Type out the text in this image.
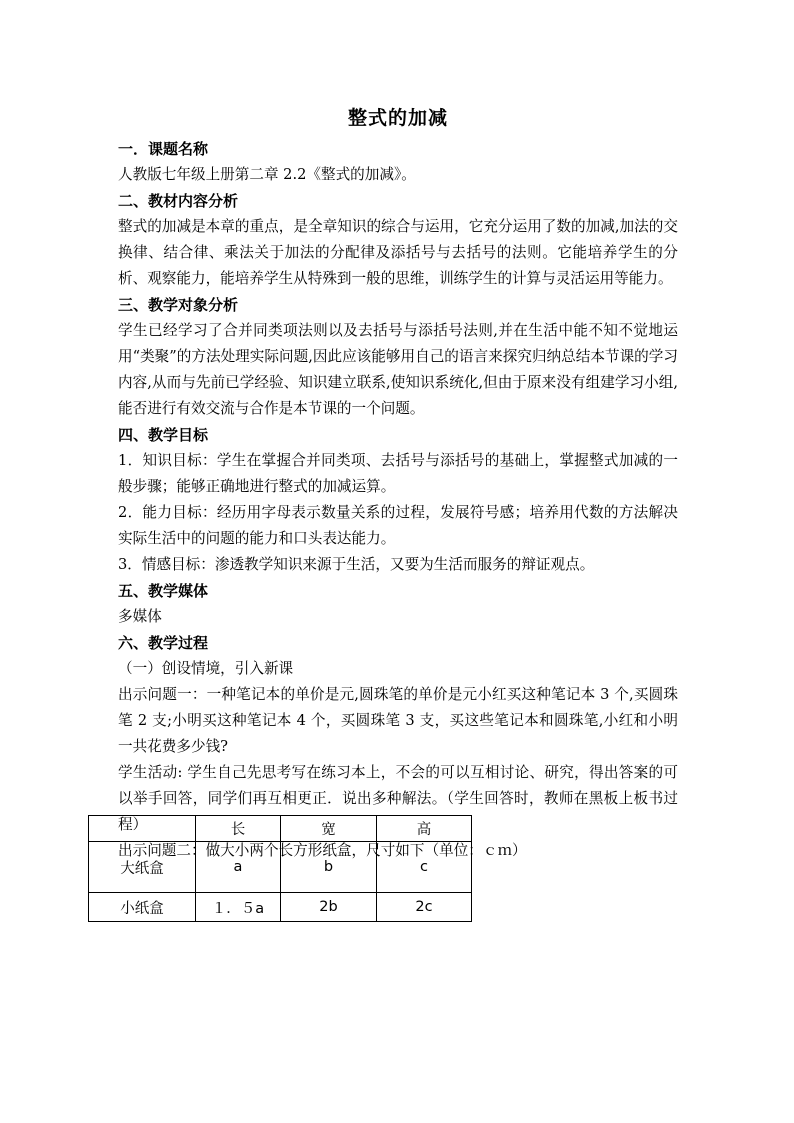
整式的加减

一．课题名称

人教版七年级上册第二章 2.2《整式的加减》。

二、教材内容分析

整式的加减是本章的重点，是全章知识的综合与运用，它充分运用了数的加减,加法的交换律、结合律、乘法关于加法的分配律及添括号与去括号的法则。它能培养学生的分析、观察能力，能培养学生从特殊到一般的思维，训练学生的计算与灵活运用等能力。

三、教学对象分析

学生已经学习了合并同类项法则以及去括号与添括号法则,并在生活中能不知不觉地运用“类聚”的方法处理实际问题,因此应该能够用自己的语言来探究归纳总结本节课的学习内容,从而与先前已学经验、知识建立联系,使知识系统化,但由于原来没有组建学习小组,能否进行有效交流与合作是本节课的一个问题。

四、教学目标

1．知识目标：学生在掌握合并同类项、去括号与添括号的基础上，掌握整式加减的一般步骤；能够正确地进行整式的加减运算。

2．能力目标：经历用字母表示数量关系的过程，发展符号感；培养用代数的方法解决实际生活中的问题的能力和口头表达能力。

3．情感目标：渗透教学知识来源于生活，又要为生活而服务的辩证观点。

五、教学媒体

多媒体

六、教学过程

（一）创设情境，引入新课

出示问题一：一种笔记本的单价是元,圆珠笔的单价是元小红买这种笔记本 3 个,买圆珠笔 2 支;小明买这种笔记本 4 个，买圆珠笔 3 支，买这些笔记本和圆珠笔,小红和小明一共花费多少钱?

学生活动: 学生自己先思考写在练习本上，不会的可以互相讨论、研究，得出答案的可以举手回答，同学们再互相更正．说出多种解法。（学生回答时，教师在黑板上板书过程）

出示问题二：做大小两个长方形纸盒，尺寸如下（单位：ｃｍ）

	长	宽	高
大纸盒	a	b	c
小纸盒	１．５a	2b	2c
